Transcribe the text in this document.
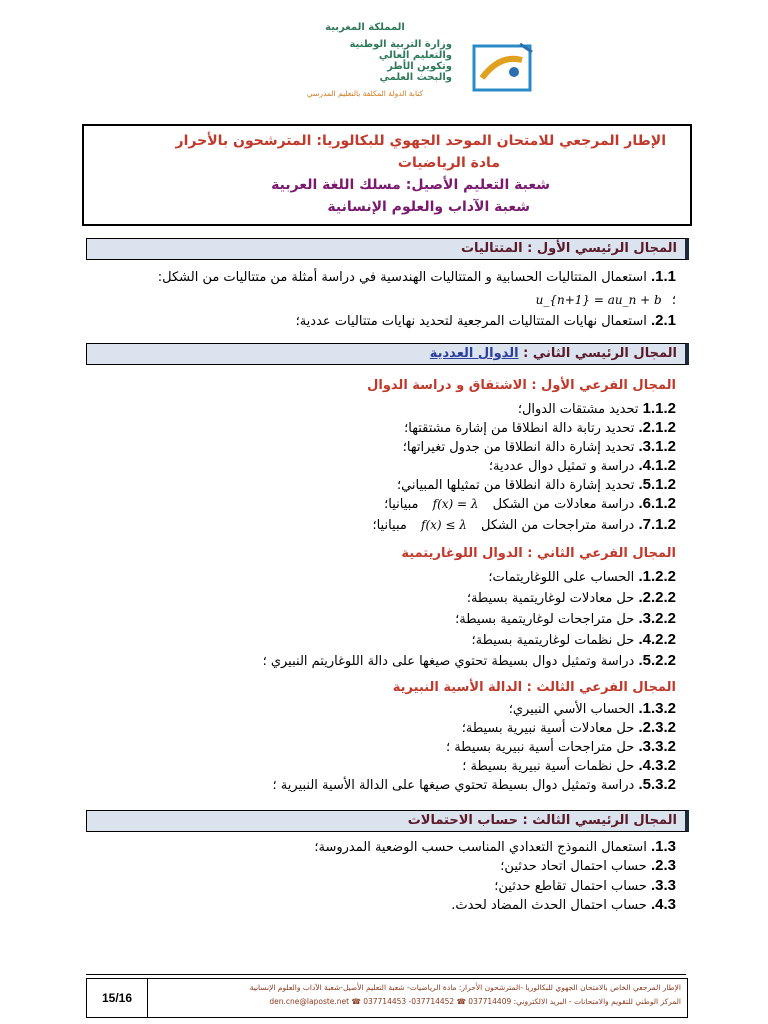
المملكة المغربية
وزارة التربية الوطنية
والتعليم العالي
وتكوين الأطر
والبحث العلمي
كتابة الدولة المكلفة بالتعليم المدرسي
الإطار المرجعي للامتحان الموحد الجهوي للبكالوريا: المترشحون بالأحرار
مادة الرياضيات
شعبة التعليم الأصيل: مسلك اللغة العربية
شعبة الآداب والعلوم الإنسانية
المجال الرئيسي الأول : المتتاليات
1.1. استعمال المتتاليات الحسابية و المتتاليات الهندسية في دراسة أمثلة من متتاليات من الشكل:
؛ u_{n+1} = au_n + b
2.1. استعمال نهايات المتتاليات المرجعية لتحديد نهايات متتاليات عددية؛
المجال الرئيسي الثاني : الدوال العددية
المجال الفرعي الأول : الاشتقاق و دراسة الدوال
1.1.2 تحديد مشتقات الدوال؛
2.1.2. تحديد رتابة دالة انطلاقا من إشارة مشتقتها؛
3.1.2. تحديد إشارة دالة انطلاقا من جدول تغيراتها؛
4.1.2. دراسة و تمثيل دوال عددية؛
5.1.2. تحديد إشارة دالة انطلاقا من تمثيلها المبياني؛
6.1.2. دراسة معادلات من الشكل f(x) = λ مبيانيا؛
7.1.2. دراسة متراجحات من الشكل f(x) ≤ λ مبيانيا؛
المجال الفرعي الثاني : الدوال اللوغاريتمية
1.2.2. الحساب على اللوغاريتمات؛
2.2.2. حل معادلات لوغاريتمية بسيطة؛
3.2.2. حل متراجحات لوغاريتمية بسيطة؛
4.2.2. حل نظمات لوغاريتمية بسيطة؛
5.2.2. دراسة وتمثيل دوال بسيطة تحتوي صيغها على دالة اللوغاريتم النبيري ؛
المجال الفرعي الثالث : الدالة الأسية النبيرية
1.3.2. الحساب الأسي النبيري؛
2.3.2. حل معادلات أسية نبيرية بسيطة؛
3.3.2. حل متراجحات أسية نبيرية بسيطة ؛
4.3.2. حل نظمات أسية نبيرية بسيطة ؛
5.3.2. دراسة وتمثيل دوال بسيطة تحتوي صيغها على الدالة الأسية النبيرية ؛
المجال الرئيسي الثالث : حساب الاحتمالات
1.3. استعمال النموذج التعدادي المناسب حسب الوضعية المدروسة؛
2.3. حساب احتمال اتحاد حدثين؛
3.3. حساب احتمال تقاطع حدثين؛
4.3. حساب احتمال الحدث المضاد لحدث.
15/16
الإطار المرجعي الخاص بالامتحان الجهوي للبكالوريا -المترشحون الأحرار: مادة الرياضيات- شعبة التعليم الأصيل-شعبة الآداب والعلوم الإنسانية
المركز الوطني للتقويم والامتحانات - البريد الالكتروني: den.cne@laposte.net ☎ 037714453 -037714452 ☎ 037714409
